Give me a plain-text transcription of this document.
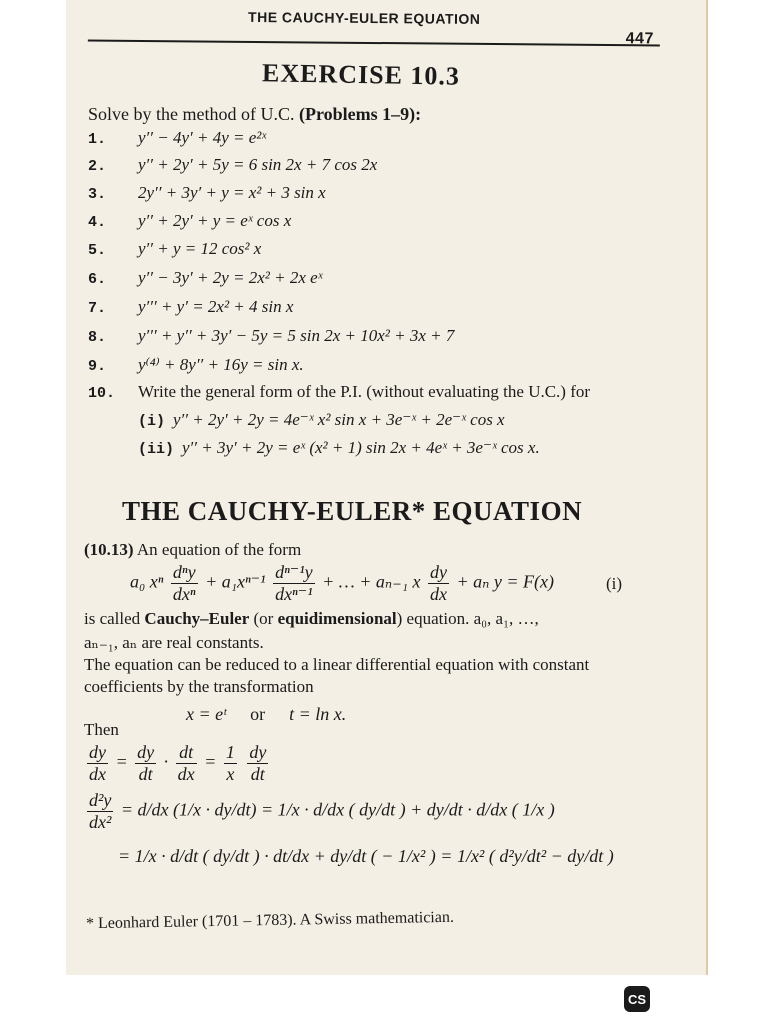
THE CAUCHY-EULER EQUATION
447
EXERCISE 10.3
Solve by the method of U.C. (Problems 1–9):
1. y′′ − 4y′ + 4y = e²ˣ
2. y′′ + 2y′ + 5y = 6 sin 2x + 7 cos 2x
3. 2y′′ + 3y′ + y = x² + 3 sin x
4. y′′ + 2y′ + y = eˣ cos x
5. y′′ + y = 12 cos² x
6. y′′ − 3y′ + 2y = 2x² + 2x eˣ
7. y′′′ + y′ = 2x² + 4 sin x
8. y′′′ + y′′ + 3y′ − 5y = 5 sin 2x + 10x² + 3x + 7
9. y⁽⁴⁾ + 8y′′ + 16y = sin x.
10. Write the general form of the P.I. (without evaluating the U.C.) for
(i) y′′ + 2y′ + 2y = 4e⁻ˣ x² sin x + 3e⁻ˣ + 2e⁻ˣ cos x
(ii) y′′ + 3y′ + 2y = eˣ (x² + 1) sin 2x + 4eˣ + 3e⁻ˣ cos x.
THE CAUCHY-EULER* EQUATION
(10.13) An equation of the form
a₀ xⁿ $\frac{\text{dⁿy}}{\text{dxⁿ}} + a_1x^{n-1} \frac{\text{dⁿ⁻¹y}}{\text{dxⁿ⁻¹}}$ + … + aₙ₋₁ x $\frac{dy}{dx} + a_n$ y = F(x)	(i)
is called Cauchy–Euler (or equidimensional) equation. a₀, a₁, …,
aₙ₋₁, aₙ are real constants.
The equation can be reduced to a linear differential equation with constant
coefficients by the transformation
x = eᵗ or t = ln x.
Then
$\frac{dy}{dx} = \frac{dy}{dt} \cdot \frac{dt}{dx} = \frac{1}{x}$
$\frac{dy}{dt}$
$\frac{\text{d²y}}{\text{dx²}} = d/dx$ (1/x · dy/dt) = 1/x · d/dx ( dy/dt ) + dy/dt · d/dx ( 1/x )
= 1/x · d/dt ( dy/dt ) · dt/dx + dy/dt ( − 1/x² ) = 1/x² ( d²y/dt² − dy/dt )
* Leonhard Euler (1701 – 1783). A Swiss mathematician.
CS
